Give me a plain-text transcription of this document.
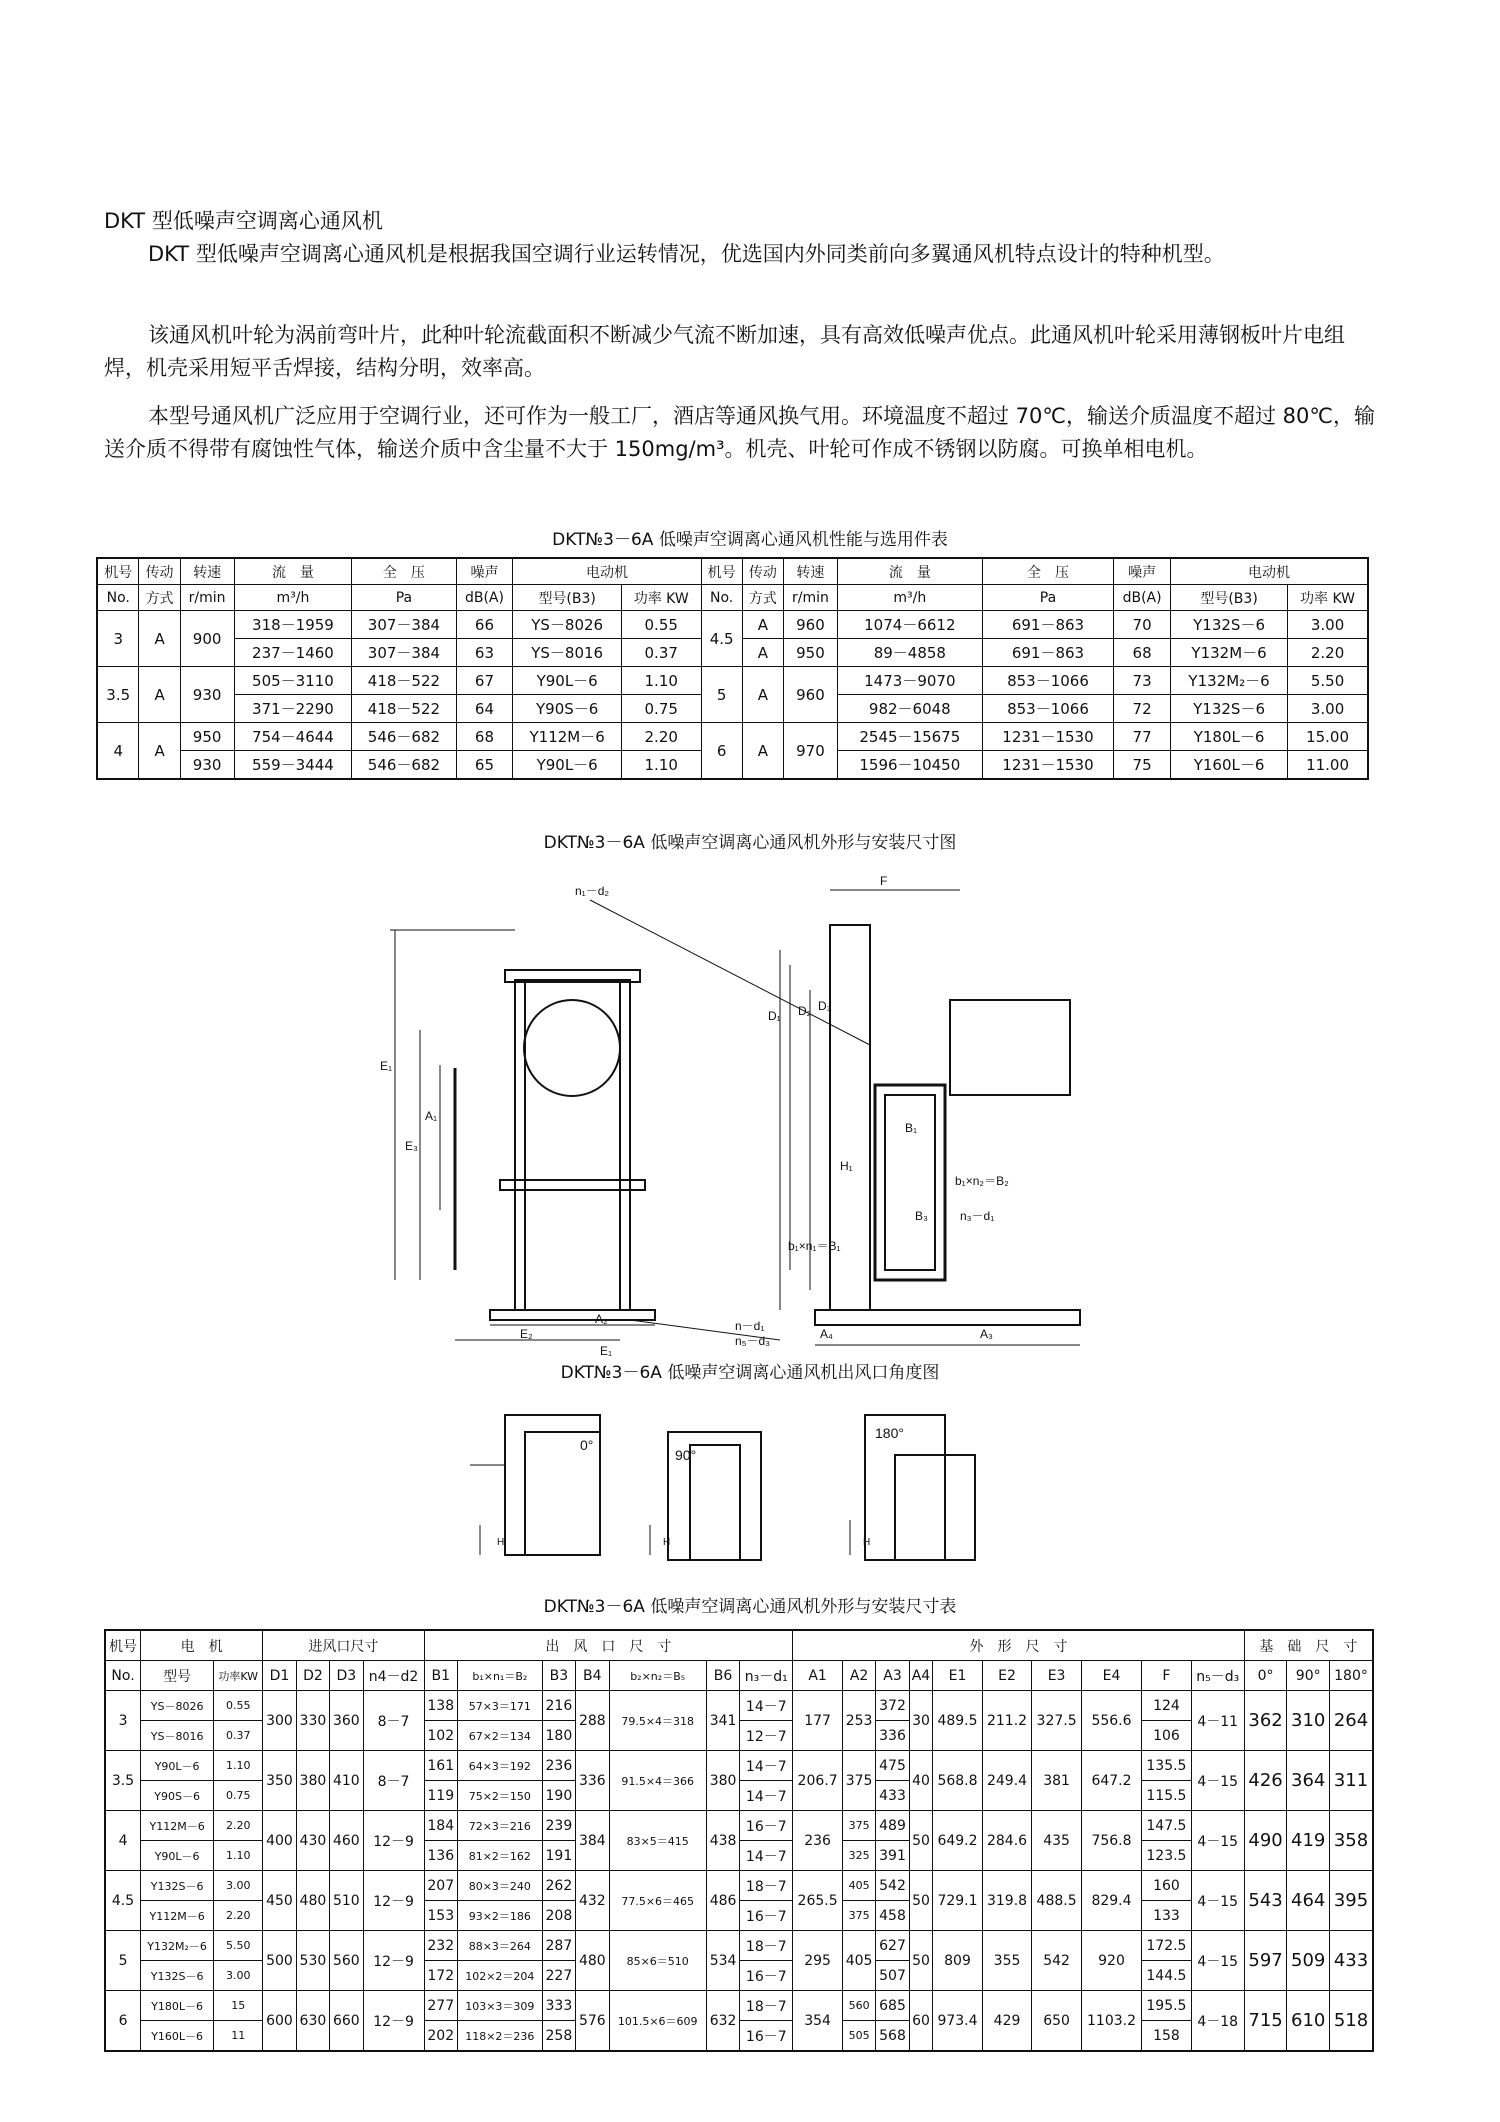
DKT 型低噪声空调离心通风机
DKT 型低噪声空调离心通风机是根据我国空调行业运转情况，优选国内外同类前向多翼通风机特点设计的特种机型。
该通风机叶轮为涡前弯叶片，此种叶轮流截面积不断减少气流不断加速，具有高效低噪声优点。此通风机叶轮采用薄钢板叶片电组焊，机壳采用短平舌焊接，结构分明，效率高。
本型号通风机广泛应用于空调行业，还可作为一般工厂，酒店等通风换气用。环境温度不超过 70℃，输送介质温度不超过 80℃，输送介质不得带有腐蚀性气体，输送介质中含尘量不大于 150mg/m³。机壳、叶轮可作成不锈钢以防腐。可换单相电机。
DKT№3－6A 低噪声空调离心通风机性能与选用件表
机号	传动	转速	流　量	全　压	噪声	电动机		机号	传动	转速	流　量	全　压	噪声	电动机	
No.	方式	r/min	m³/h	Pa	dB(A)	型号(B3)	功率 KW	No.	方式	r/min	m³/h	Pa	dB(A)	型号(B3)	功率 KW
3	A	900	318－1959	307－384	66	YS－8026	0.55	4.5	A	960	1074－6612	691－863	70	Y132S－6	3.00
			237－1460	307－384	63	YS－8016	0.37		A	950	89－4858	691－863	68	Y132M－6	2.20
3.5	A	930	505－3110	418－522	67	Y90L－6	1.10	5	A	960	1473－9070	853－1066	73	Y132M₂－6	5.50
			371－2290	418－522	64	Y90S－6	0.75				982－6048	853－1066	72	Y132S－6	3.00
4	A	950	754－4644	546－682	68	Y112M－6	2.20	6	A	970	2545－15675	1231－1530	77	Y180L－6	15.00
		930	559－3444	546－682	65	Y90L－6	1.10				1596－10450	1231－1530	75	Y160L－6	11.00
DKT№3－6A 低噪声空调离心通风机外形与安装尺寸图
n₁－d₂
F
E₁
E₃
A₁
D₁ D₂ D₃
H₁
B₁
B₃
b₁×n₂＝B₂
b₁×n₁＝B₁
n₃－d₁
A₄	A₃
A₂
E₂
E₁
n－d₁
n₅－d₃
DKT№3－6A 低噪声空调离心通风机出风口角度图
0°
90°
180°
H	H	H
DKT№3－6A 低噪声空调离心通风机外形与安装尺寸表
机号	电　机		进风口尺寸				出　风　口　尺　寸							外　形　尺　寸										基　础　尺　寸		
No.	型号	功率KW	D1	D2	D3	n4－d2	B1	b₁×n₁＝B₂	B3	B4	b₂×n₂＝B₅	B6	n₃－d₁	A1	A2	A3	A4	E1	E2	E3	E4	F	n₅－d₃	0°	90°	180°
3	YS－8026	0.55	300	330	360	8－7	138	57×3＝171	216	288	79.5×4＝318	341	14－7	177	253	372	30	489.5	211.2	327.5	556.6	124	4－11	362	310	264
	YS－8016	0.37					102	67×2＝134	180				12－7			336						106				
3.5	Y90L－6	1.10	350	380	410	8－7	161	64×3＝192	236	336	91.5×4＝366	380	14－7	206.7	375	475	40	568.8	249.4	381	647.2	135.5	4－15	426	364	311
	Y90S－6	0.75					119	75×2＝150	190				14－7			433						115.5				
4	Y112M－6	2.20	400	430	460	12－9	184	72×3＝216	239	384	83×5＝415	438	16－7	236	375	489	50	649.2	284.6	435	756.8	147.5	4－15	490	419	358
	Y90L－6	1.10					136	81×2＝162	191				14－7		325	391						123.5				
4.5	Y132S－6	3.00	450	480	510	12－9	207	80×3＝240	262	432	77.5×6＝465	486	18－7	265.5	405	542	50	729.1	319.8	488.5	829.4	160	4－15	543	464	395
	Y112M－6	2.20					153	93×2＝186	208				16－7		375	458						133				
5	Y132M₂－6	5.50	500	530	560	12－9	232	88×3＝264	287	480	85×6＝510	534	18－7	295	405	627	50	809	355	542	920	172.5	4－15	597	509	433
	Y132S－6	3.00					172	102×2＝204	227				16－7			507						144.5				
6	Y180L－6	15	600	630	660	12－9	277	103×3＝309	333	576	101.5×6＝609	632	18－7	354	560	685	60	973.4	429	650	1103.2	195.5	4－18	715	610	518
	Y160L－6	11					202	118×2＝236	258				16－7		505	568						158				
